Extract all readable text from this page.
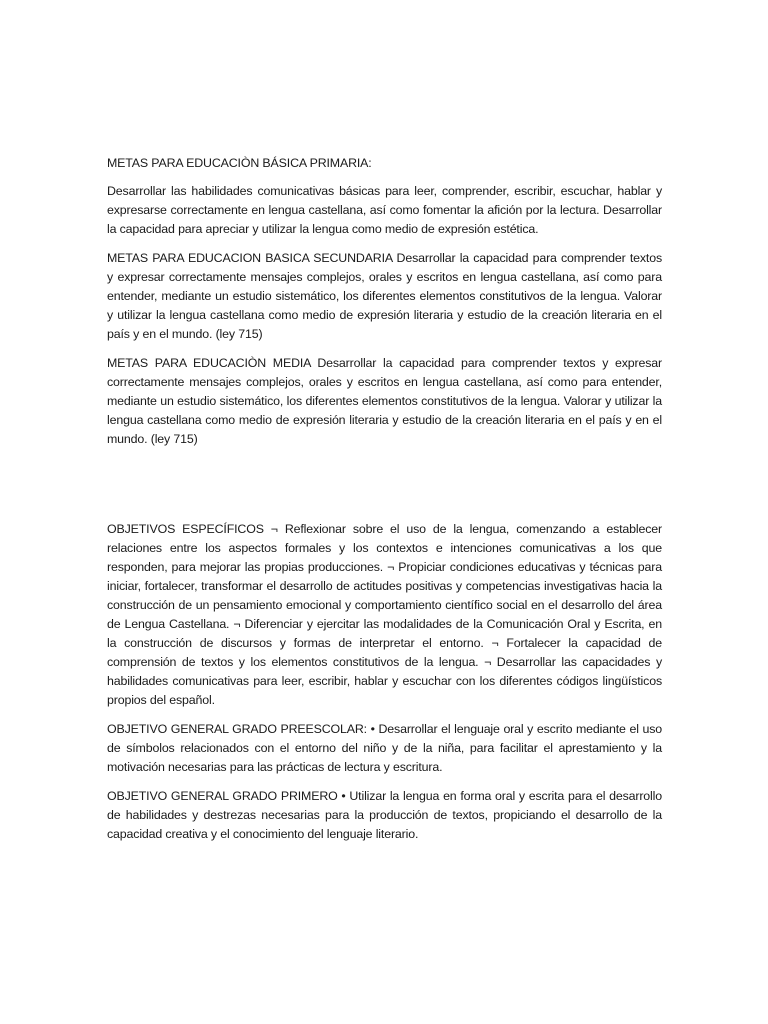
METAS PARA EDUCACIÒN BÁSICA PRIMARIA:

Desarrollar las habilidades comunicativas básicas para leer, comprender, escribir, escuchar, hablar y expresarse correctamente en lengua castellana, así como fomentar la afición por la lectura. Desarrollar la capacidad para apreciar y utilizar la lengua como medio de expresión estética.

METAS PARA EDUCACION BASICA SECUNDARIA Desarrollar la capacidad para comprender textos y expresar correctamente mensajes complejos, orales y escritos en lengua castellana, así como para entender, mediante un estudio sistemático, los diferentes elementos constitutivos de la lengua. Valorar y utilizar la lengua castellana como medio de expresión literaria y estudio de la creación literaria en el país y en el mundo. (ley 715)

METAS PARA EDUCACIÒN MEDIA Desarrollar la capacidad para comprender textos y expresar correctamente mensajes complejos, orales y escritos en lengua castellana, así como para entender, mediante un estudio sistemático, los diferentes elementos constitutivos de la lengua. Valorar y utilizar la lengua castellana como medio de expresión literaria y estudio de la creación literaria en el país y en el mundo. (ley 715)

OBJETIVOS ESPECÍFICOS ¬ Reflexionar sobre el uso de la lengua, comenzando a establecer relaciones entre los aspectos formales y los contextos e intenciones comunicativas a los que responden, para mejorar las propias producciones. ¬ Propiciar condiciones educativas y técnicas para iniciar, fortalecer, transformar el desarrollo de actitudes positivas y competencias investigativas hacia la construcción de un pensamiento emocional y comportamiento científico social en el desarrollo del área de Lengua Castellana. ¬ Diferenciar y ejercitar las modalidades de la Comunicación Oral y Escrita, en la construcción de discursos y formas de interpretar el entorno. ¬ Fortalecer la capacidad de comprensión de textos y los elementos constitutivos de la lengua. ¬ Desarrollar las capacidades y habilidades comunicativas para leer, escribir, hablar y escuchar con los diferentes códigos lingüísticos propios del español.

OBJETIVO GENERAL GRADO PREESCOLAR: • Desarrollar el lenguaje oral y escrito mediante el uso de símbolos relacionados con el entorno del niño y de la niña, para facilitar el aprestamiento y la motivación necesarias para las prácticas de lectura y escritura.

OBJETIVO GENERAL GRADO PRIMERO • Utilizar la lengua en forma oral y escrita para el desarrollo de habilidades y destrezas necesarias para la producción de textos, propiciando el desarrollo de la capacidad creativa y el conocimiento del lenguaje literario.
